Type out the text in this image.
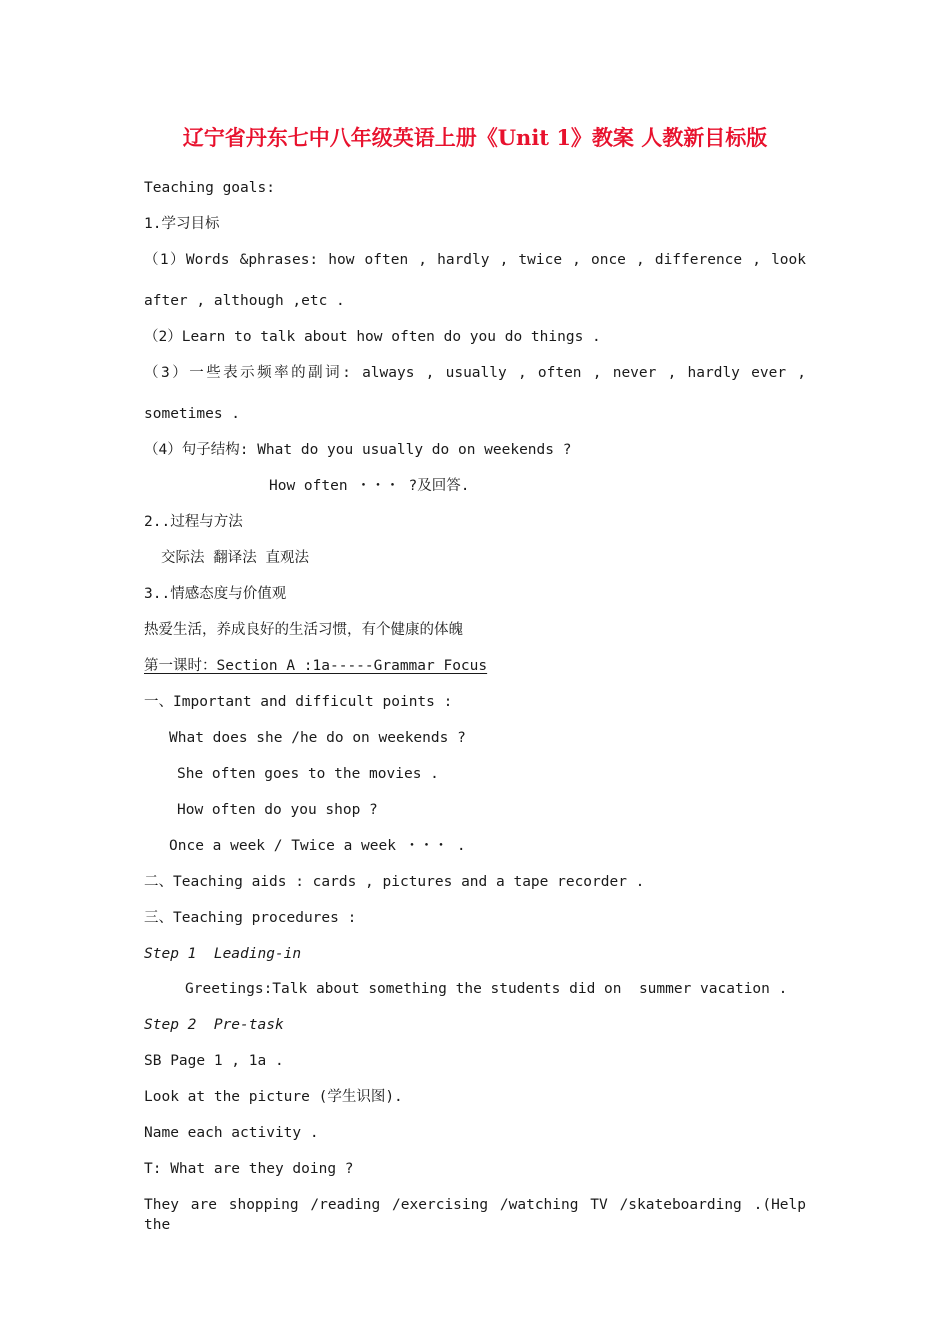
辽宁省丹东七中八年级英语上册《Unit 1》教案 人教新目标版
Teaching goals:
1.学习目标
（1）Words &phrases: how often , hardly , twice , once , difference , look
after , although ,etc .
（2）Learn to talk about how often do you do things .
（3）一些表示频率的副词: always , usually , often , never , hardly ever ,
sometimes .
（4）句子结构: What do you usually do on weekends ?
How often ・・・ ?及回答.
2..过程与方法
交际法 翻译法 直观法
3..情感态度与价值观
热爱生活，养成良好的生活习惯，有个健康的体魄
第一课时：Section A :1a-----Grammar Focus
一、Important and difficult points :
What does she /he do on weekends ?
She often goes to the movies .
How often do you shop ?
Once a week / Twice a week ・・・ .
二、Teaching aids : cards , pictures and a tape recorder .
三、Teaching procedures :
Step 1  Leading-in
Greetings:Talk about something the students did on  summer vacation .
Step 2  Pre-task
SB Page 1 , 1a .
Look at the picture (学生识图).
Name each activity .
T: What are they doing ?
They are shopping /reading /exercising /watching TV /skateboarding .(Help the
